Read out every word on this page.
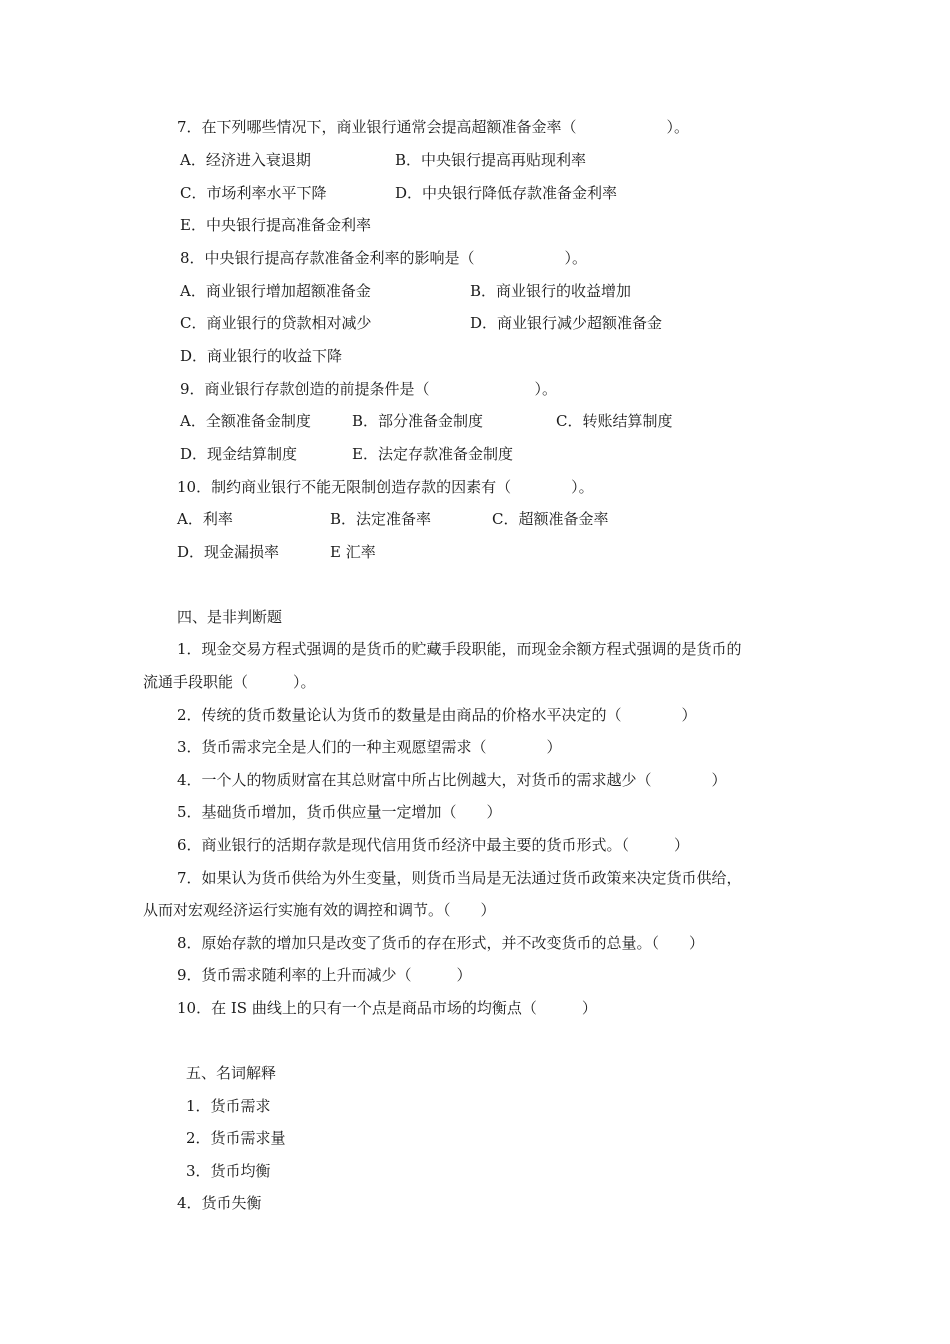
7．在下列哪些情况下，商业银行通常会提高超额准备金率（　　　　　　）。

A．经济进入衰退期	B．中央银行提高再贴现利率

C．市场利率水平下降	D．中央银行降低存款准备金利率

E．中央银行提高准备金利率

8．中央银行提高存款准备金利率的影响是（　　　　　　）。

A．商业银行增加超额准备金	B．商业银行的收益增加

C．商业银行的贷款相对减少	D．商业银行减少超额准备金

D．商业银行的收益下降

9．商业银行存款创造的前提条件是（　　　　　　　）。

A．全额准备金制度	B．部分准备金制度	C．转账结算制度

D．现金结算制度	E．法定存款准备金制度

10．制约商业银行不能无限制创造存款的因素有（　　　　）。

A．利率	B．法定准备率	C．超额准备金率

D．现金漏损率	E 汇率

四、是非判断题

1．现金交易方程式强调的是货币的贮藏手段职能，而现金余额方程式强调的是货币的

流通手段职能（　　　）。

2．传统的货币数量论认为货币的数量是由商品的价格水平决定的（　　　　）

3．货币需求完全是人们的一种主观愿望需求（　　　　）

4．一个人的物质财富在其总财富中所占比例越大，对货币的需求越少（　　　　）

5．基础货币增加，货币供应量一定增加（　　）

6．商业银行的活期存款是现代信用货币经济中最主要的货币形式。（　　　）

7．如果认为货币供给为外生变量，则货币当局是无法通过货币政策来决定货币供给，

从而对宏观经济运行实施有效的调控和调节。（　　）

8．原始存款的增加只是改变了货币的存在形式，并不改变货币的总量。（　　）

9．货币需求随利率的上升而减少（　　　）

10．在 IS 曲线上的只有一个点是商品市场的均衡点（　　　）

五、名词解释

1．货币需求

2．货币需求量

3．货币均衡

4．货币失衡
